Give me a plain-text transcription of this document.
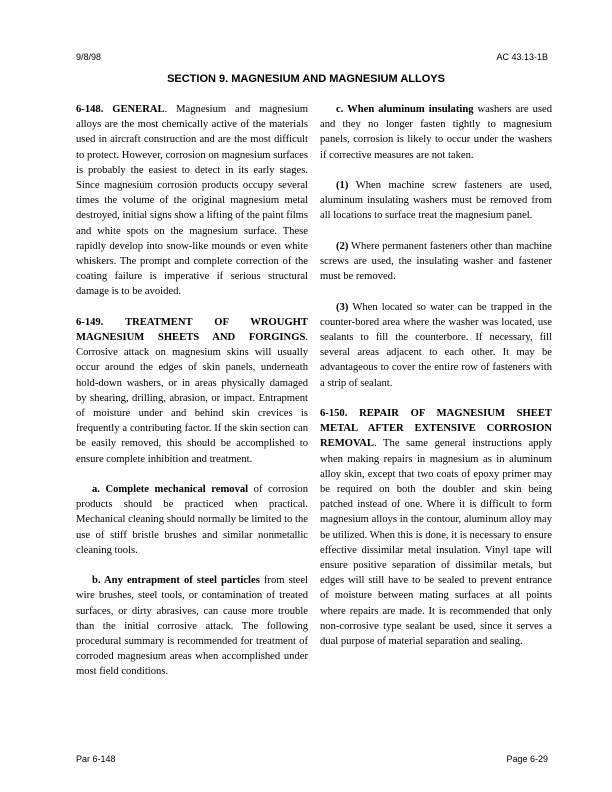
9/8/98	AC 43.13-1B
SECTION 9. MAGNESIUM AND MAGNESIUM ALLOYS

6-148. GENERAL. Magnesium and magnesium alloys are the most chemically active of the materials used in aircraft construction and are the most difficult to protect. However, corrosion on magnesium surfaces is probably the easiest to detect in its early stages. Since magnesium corrosion products occupy several times the volume of the original magnesium metal destroyed, initial signs show a lifting of the paint films and white spots on the magnesium surface. These rapidly develop into snow-like mounds or even white whiskers. The prompt and complete correction of the coating failure is imperative if serious structural damage is to be avoided.

6-149. TREATMENT OF WROUGHT MAGNESIUM SHEETS AND FORGINGS. Corrosive attack on magnesium skins will usually occur around the edges of skin panels, underneath hold-down washers, or in areas physically damaged by shearing, drilling, abrasion, or impact. Entrapment of moisture under and behind skin crevices is frequently a contributing factor. If the skin section can be easily removed, this should be accomplished to ensure complete inhibition and treatment.

a. Complete mechanical removal of corrosion products should be practiced when practical. Mechanical cleaning should normally be limited to the use of stiff bristle brushes and similar nonmetallic cleaning tools.

b. Any entrapment of steel particles from steel wire brushes, steel tools, or contamination of treated surfaces, or dirty abrasives, can cause more trouble than the initial corrosive attack. The following procedural summary is recommended for treatment of corroded magnesium areas when accomplished under most field conditions.

c. When aluminum insulating washers are used and they no longer fasten tightly to magnesium panels, corrosion is likely to occur under the washers if corrective measures are not taken.

(1) When machine screw fasteners are used, aluminum insulating washers must be removed from all locations to surface treat the magnesium panel.

(2) Where permanent fasteners other than machine screws are used, the insulating washer and fastener must be removed.

(3) When located so water can be trapped in the counter-bored area where the washer was located, use sealants to fill the counterbore. If necessary, fill several areas adjacent to each other. It may be advantageous to cover the entire row of fasteners with a strip of sealant.

6-150. REPAIR OF MAGNESIUM SHEET METAL AFTER EXTENSIVE CORROSION REMOVAL. The same general instructions apply when making repairs in magnesium as in aluminum alloy skin, except that two coats of epoxy primer may be required on both the doubler and skin being patched instead of one. Where it is difficult to form magnesium alloys in the contour, aluminum alloy may be utilized. When this is done, it is necessary to ensure effective dissimilar metal insulation. Vinyl tape will ensure positive separation of dissimilar metals, but edges will still have to be sealed to prevent entrance of moisture between mating surfaces at all points where repairs are made. It is recommended that only non-corrosive type sealant be used, since it serves a dual purpose of material separation and sealing.

Par 6-148	Page 6-29
